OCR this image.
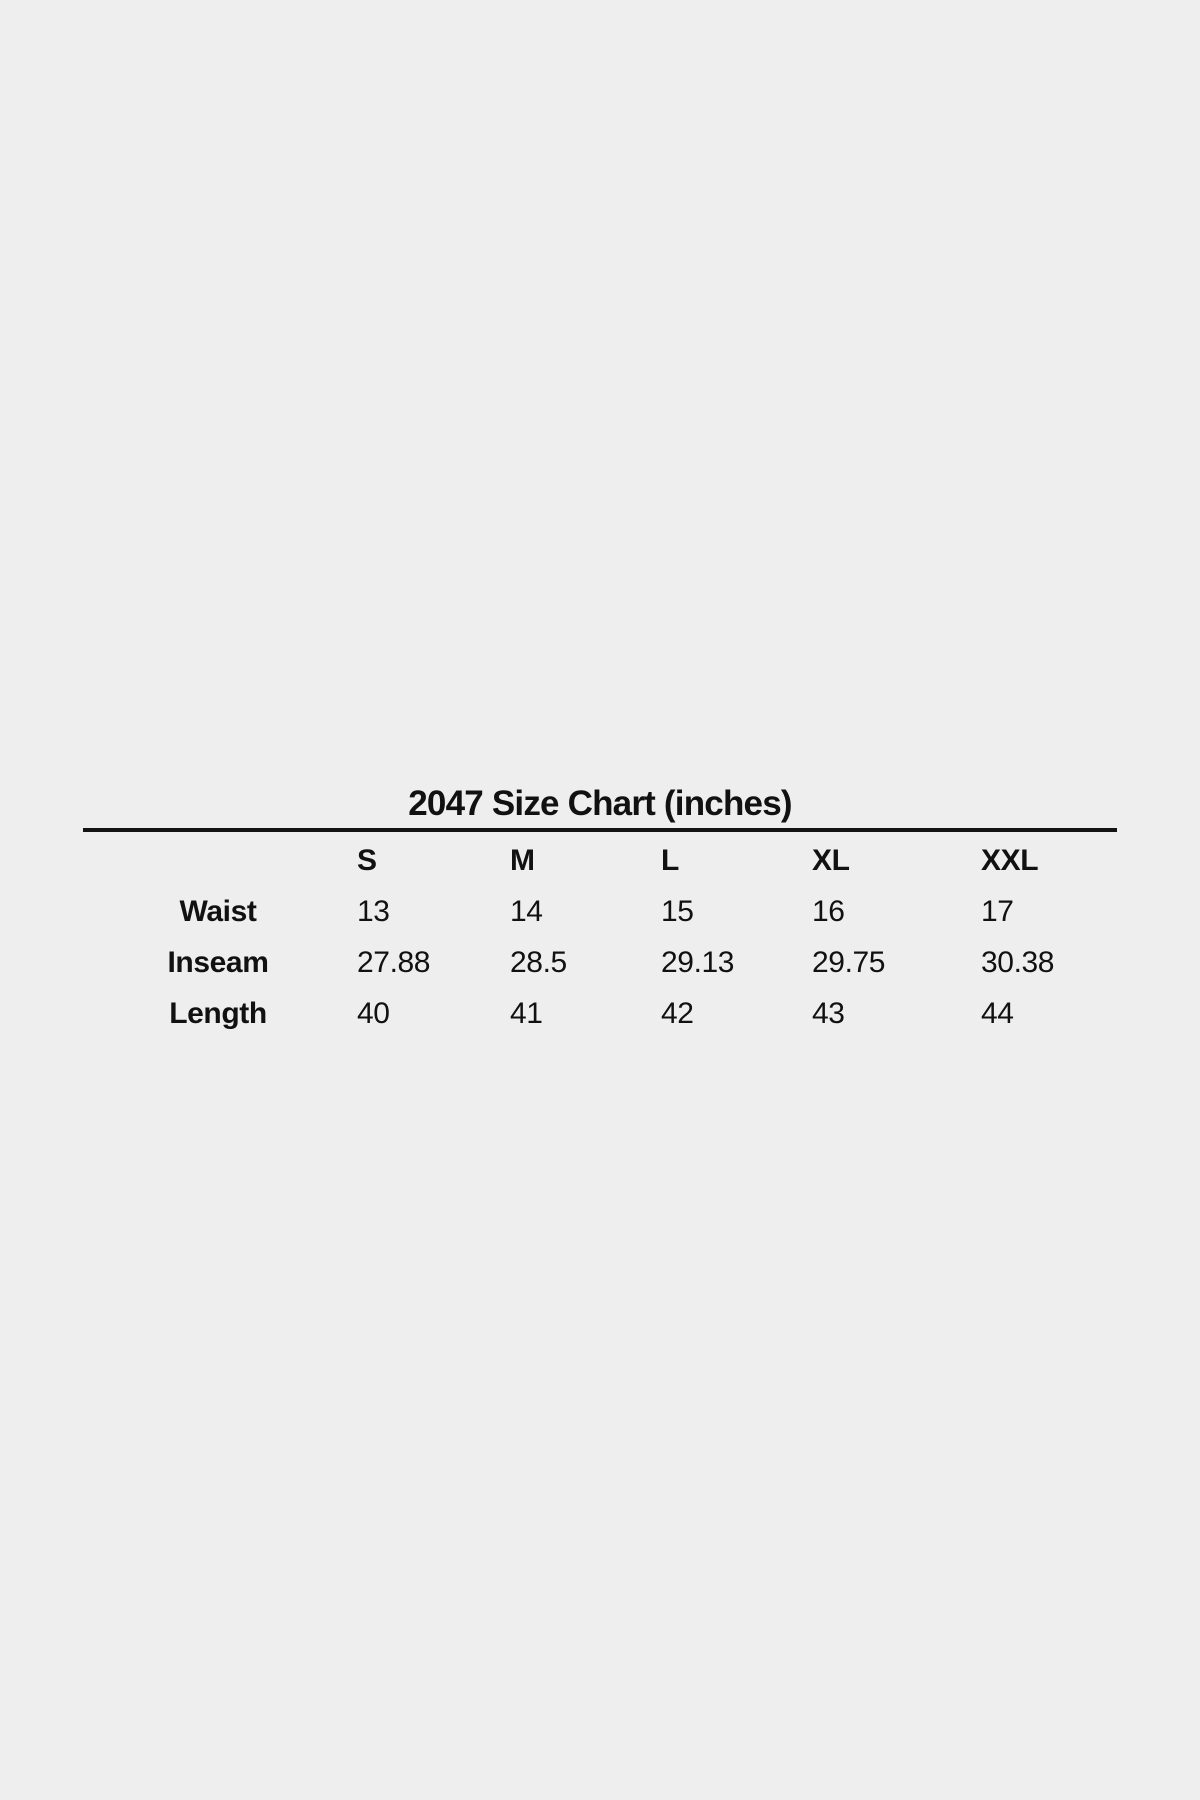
2047 Size Chart (inches)
	S	M	L	XL	XXL
Waist	13	14	15	16	17
Inseam	27.88	28.5	29.13	29.75	30.38
Length	40	41	42	43	44
